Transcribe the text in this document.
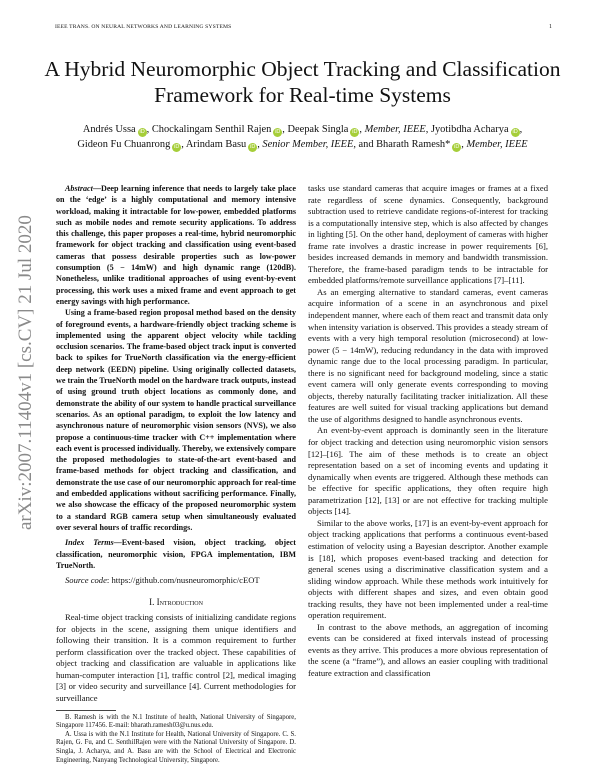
IEEE TRANS. ON NEURAL NETWORKS AND LEARNING SYSTEMS	1
arXiv:2007.11404v1 [cs.CV] 21 Jul 2020
A Hybrid Neuromorphic Object Tracking and Classification Framework for Real-time Systems
Andrés Ussa iD , Chockalingam Senthil Rajen iD , Deepak Singla iD , Member, IEEE, Jyotibdha Acharya iD ,
Gideon Fu Chuanrong iD , Arindam Basu iD , Senior Member, IEEE, and Bharath Ramesh* iD , Member, IEEE

Abstract—Deep learning inference that needs to largely take place on the ‘edge’ is a highly computational and memory intensive workload, making it intractable for low-power, embedded platforms such as mobile nodes and remote security applications. To address this challenge, this paper proposes a real-time, hybrid neuromorphic framework for object tracking and classification using event-based cameras that possess desirable properties such as low-power consumption (5 − 14mW) and high dynamic range (120dB). Nonetheless, unlike traditional approaches of using event-by-event processing, this work uses a mixed frame and event approach to get energy savings with high performance.

Using a frame-based region proposal method based on the density of foreground events, a hardware-friendly object tracking scheme is implemented using the apparent object velocity while tackling occlusion scenarios. The frame-based object track input is converted back to spikes for TrueNorth classification via the energy-efficient deep network (EEDN) pipeline. Using originally collected datasets, we train the TrueNorth model on the hardware track outputs, instead of using ground truth object locations as commonly done, and demonstrate the ability of our system to handle practical surveillance scenarios. As an optional paradigm, to exploit the low latency and asynchronous nature of neuromorphic vision sensors (NVS), we also propose a continuous-time tracker with C++ implementation where each event is processed individually. Thereby, we extensively compare the proposed methodologies to state-of-the-art event-based and frame-based methods for object tracking and classification, and demonstrate the use case of our neuromorphic approach for real-time and embedded applications without sacrificing performance. Finally, we also showcase the efficacy of the proposed neuromorphic system to a standard RGB camera setup when simultaneously evaluated over several hours of traffic recordings.

Index Terms—Event-based vision, object tracking, object classification, neuromorphic vision, FPGA implementation, IBM TrueNorth.

Source code: https://github.com/nusneuromorphic/cEOT

I. Introduction

Real-time object tracking consists of initializing candidate regions for objects in the scene, assigning them unique identifiers and following their transition. It is a common requirement to further perform classification over the tracked object. These capabilities of object tracking and classification are valuable in applications like human-computer interaction [1], traffic control [2], medical imaging [3] or video security and surveillance [4]. Current methodologies for surveillance

B. Ramesh is with the N.1 Institute of health, National University of Singapore, Singapore 117456. E-mail: bharath.ramesh03@u.nus.edu.

A. Ussa is with the N.1 Institute for Health, National University of Singapore. C. S. Rajen, G. Fu, and C. SenthilRajen were with the National University of Singapore. D. Singla, J. Acharya, and A. Basu are with the School of Electrical and Electronic Engineering, Nanyang Technological University, Singapore.

tasks use standard cameras that acquire images or frames at a fixed rate regardless of scene dynamics. Consequently, background subtraction used to retrieve candidate regions-of-interest for tracking is a computationally intensive step, which is also affected by changes in lighting [5]. On the other hand, deployment of cameras with higher frame rate involves a drastic increase in power requirements [6], besides increased demands in memory and bandwidth transmission. Therefore, the frame-based paradigm tends to be intractable for embedded platforms/remote surveillance applications [7]–[11].

As an emerging alternative to standard cameras, event cameras acquire information of a scene in an asynchronous and pixel independent manner, where each of them react and transmit data only when intensity variation is observed. This provides a steady stream of events with a very high temporal resolution (microsecond) at low-power (5 − 14mW), reducing redundancy in the data with improved dynamic range due to the local processing paradigm. In particular, there is no significant need for background modeling, since a static event camera will only generate events corresponding to moving objects, thereby naturally facilitating tracker initialization. All these features are well suited for visual tracking applications but demand the use of algorithms designed to handle asynchronous events.

An event-by-event approach is dominantly seen in the literature for object tracking and detection using neuromorphic vision sensors [12]–[16]. The aim of these methods is to create an object representation based on a set of incoming events and updating it dynamically when events are triggered. Although these methods can be effective for specific applications, they often require high parametrization [12], [13] or are not effective for tracking multiple objects [14].

Similar to the above works, [17] is an event-by-event approach for object tracking applications that performs a continuous event-based estimation of velocity using a Bayesian descriptor. Another example is [18], which proposes event-based tracking and detection for general scenes using a discriminative classification system and a sliding window approach. While these methods work intuitively for objects with different shapes and sizes, and even obtain good tracking results, they have not been implemented under a real-time operation requirement.

In contrast to the above methods, an aggregation of incoming events can be considered at fixed intervals instead of processing events as they arrive. This produces a more obvious representation of the scene (a “frame”), and allows an easier coupling with traditional feature extraction and classification
